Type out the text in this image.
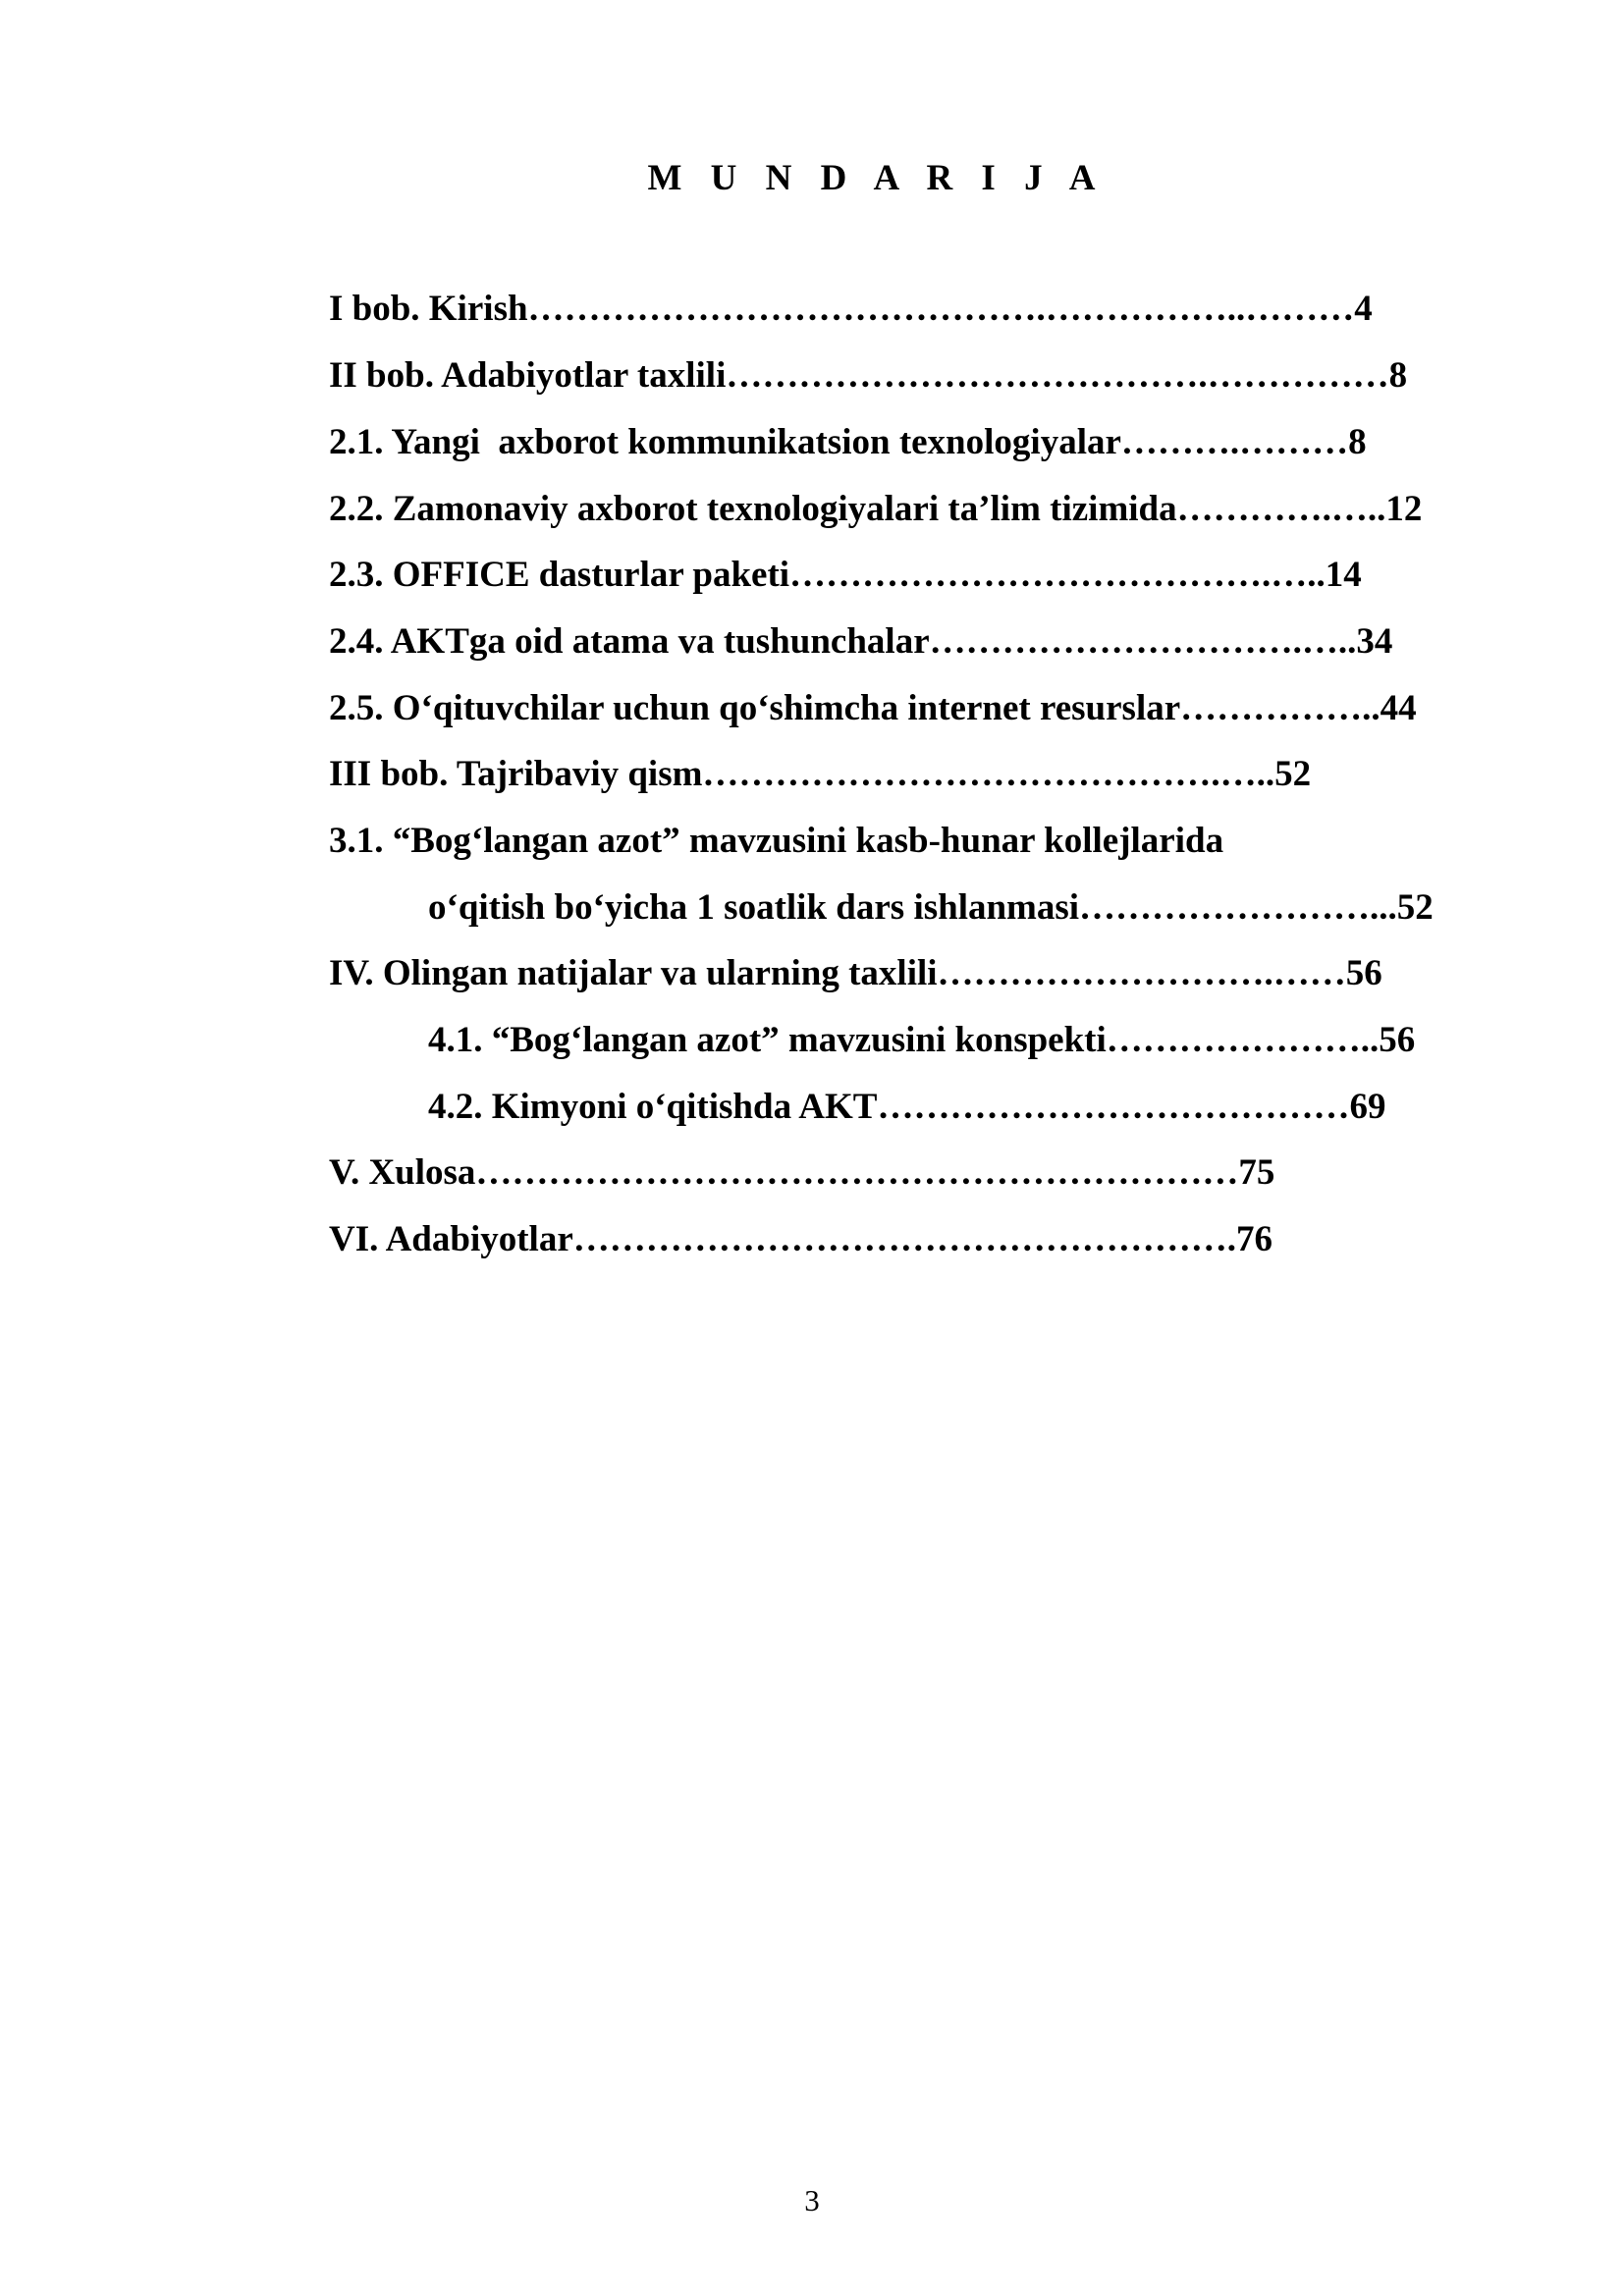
M U N D A R I J A
I bob. Kirish…………………………………….……………..………4
II bob. Adabiyotlar taxlili………………………………….……………8
2.1. Yangi  axborot kommunikatsion texnologiyalar……….………8
2.2. Zamonaviy axborot texnologiyalari ta’lim tizimida………….…..12
2.3. OFFICE dasturlar paketi………………………………….…..14
2.4. AKTga oid atama va tushunchalar………………………….…..34
2.5. O‘qituvchilar uchun qo‘shimcha internet resurslar……………..44
III bob. Tajribaviy qism…………………………………….…..52
3.1. “Bog‘langan azot” mavzusini kasb-hunar kollejlarida
o‘qitish bo‘yicha 1 soatlik dars ishlanmasi……………………...52
IV. Olingan natijalar va ularning taxlili……………………….……56
4.1. “Bog‘langan azot” mavzusini konspekti…………………..56
4.2. Kimyoni o‘qitishda AKT…………………………………69
V. Xulosa………………………………………………………75
VI. Adabiyotlar……………………………………………….76

3
